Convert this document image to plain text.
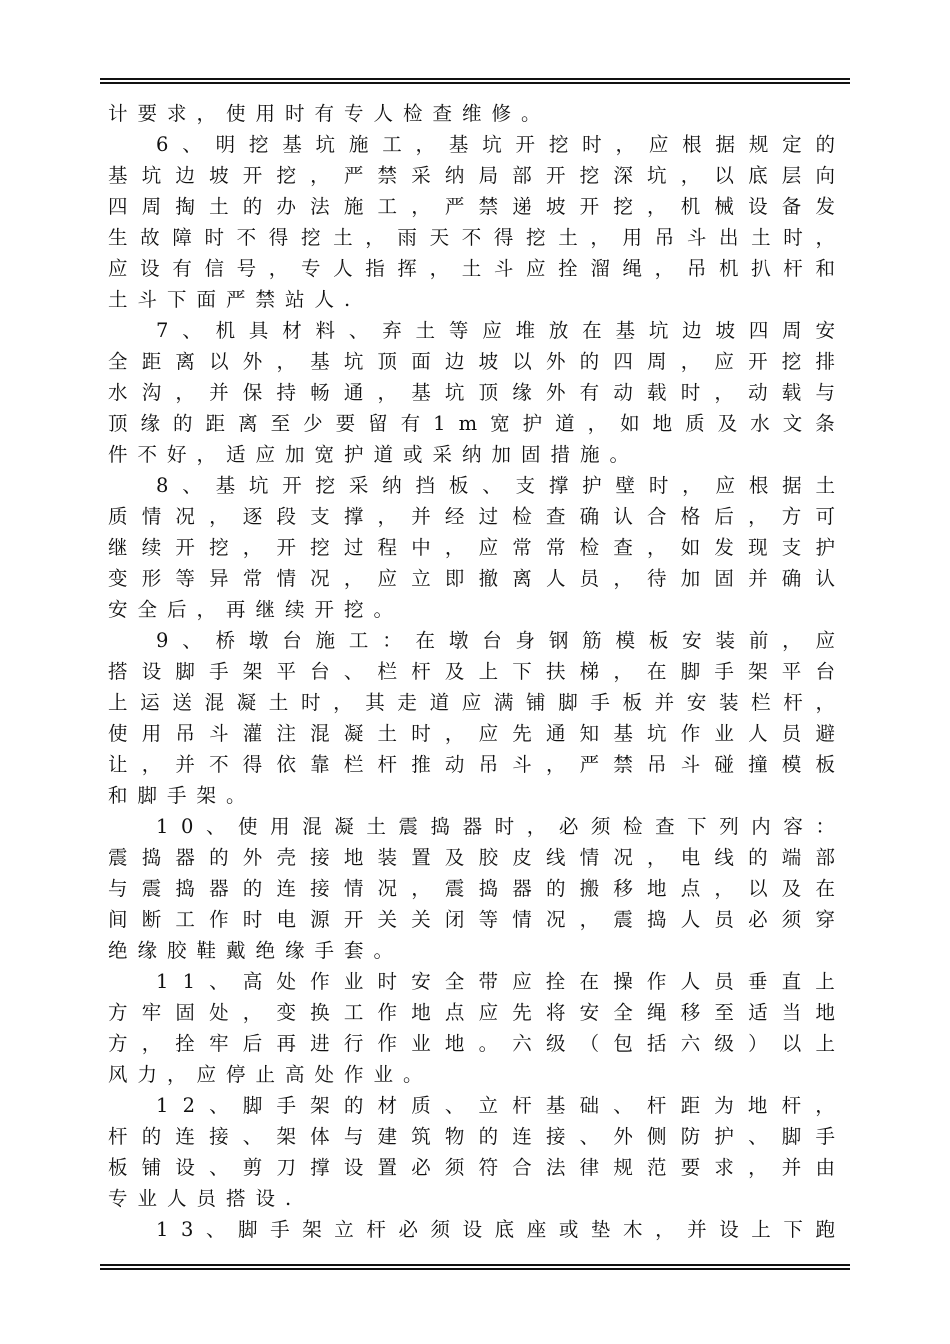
计要求，使用时有专人检查维修。
6 、 明 挖 基 坑 施 工 ， 基 坑 开 挖 时 ， 应 根 据 规 定 的
基 坑 边 坡 开 挖 ， 严 禁 采 纳 局 部 开 挖 深 坑 ， 以 底 层 向
四 周 掏 土 的 办 法 施 工 ， 严 禁 递 坡 开 挖 ， 机 械 设 备 发
生 故 障 时 不 得 挖 土 ， 雨 天 不 得 挖 土 ， 用 吊 斗 出 土 时 ，
应 设 有 信 号 ， 专 人 指 挥 ， 土 斗 应 拴 溜 绳 ， 吊 机 扒 杆 和
土斗下面严禁站人.
7 、 机 具 材 料 、 弃 土 等 应 堆 放 在 基 坑 边 坡 四 周 安
全 距 离 以 外 ， 基 坑 顶 面 边 坡 以 外 的 四 周 ， 应 开 挖 排
水 沟 ， 并 保 持 畅 通 ， 基 坑 顶 缘 外 有 动 载 时 ， 动 载 与
顶 缘 的 距 离 至 少 要 留 有 1 m 宽 护 道 ， 如 地 质 及 水 文 条
件不好，适应加宽护道或采纳加固措施。
8 、 基 坑 开 挖 采 纳 挡 板 、 支 撑 护 壁 时 ， 应 根 据 土
质 情 况 ， 逐 段 支 撑 ， 并 经 过 检 查 确 认 合 格 后 ， 方 可
继 续 开 挖 ， 开 挖 过 程 中 ， 应 常 常 检 查 ， 如 发 现 支 护
变 形 等 异 常 情 况 ， 应 立 即 撤 离 人 员 ， 待 加 固 并 确 认
安全后，再继续开挖。
9 、 桥 墩 台 施 工 ： 在 墩 台 身 钢 筋 模 板 安 装 前 ， 应
搭 设 脚 手 架 平 台 、 栏 杆 及 上 下 扶 梯 ， 在 脚 手 架 平 台
上 运 送 混 凝 土 时 ， 其 走 道 应 满 铺 脚 手 板 并 安 装 栏 杆 ，
使 用 吊 斗 灌 注 混 凝 土 时 ， 应 先 通 知 基 坑 作 业 人 员 避
让 ， 并 不 得 依 靠 栏 杆 推 动 吊 斗 ， 严 禁 吊 斗 碰 撞 模 板
和脚手架。
1 0 、 使 用 混 凝 土 震 捣 器 时 ， 必 须 检 查 下 列 内 容 ：
震 捣 器 的 外 壳 接 地 装 置 及 胶 皮 线 情 况 ， 电 线 的 端 部
与 震 捣 器 的 连 接 情 况 ， 震 捣 器 的 搬 移 地 点 ， 以 及 在
间 断 工 作 时 电 源 开 关 关 闭 等 情 况 ， 震 捣 人 员 必 须 穿
绝缘胶鞋戴绝缘手套。
1 1 、 高 处 作 业 时 安 全 带 应 拴 在 操 作 人 员 垂 直 上
方 牢 固 处 ， 变 换 工 作 地 点 应 先 将 安 全 绳 移 至 适 当 地
方 ， 拴 牢 后 再 进 行 作 业 地 。 六 级 （ 包 括 六 级 ） 以 上
风力，应停止高处作业。
1 2 、 脚 手 架 的 材 质 、 立 杆 基 础 、 杆 距 为 地 杆 ，
杆 的 连 接 、 架 体 与 建 筑 物 的 连 接 、 外 侧 防 护 、 脚 手
板 铺 设 、 剪 刀 撑 设 置 必 须 符 合 法 律 规 范 要 求 ， 并 由
专业人员搭设.
1 3 、 脚 手 架 立 杆 必 须 设 底 座 或 垫 木 ， 并 设 上 下 跑
